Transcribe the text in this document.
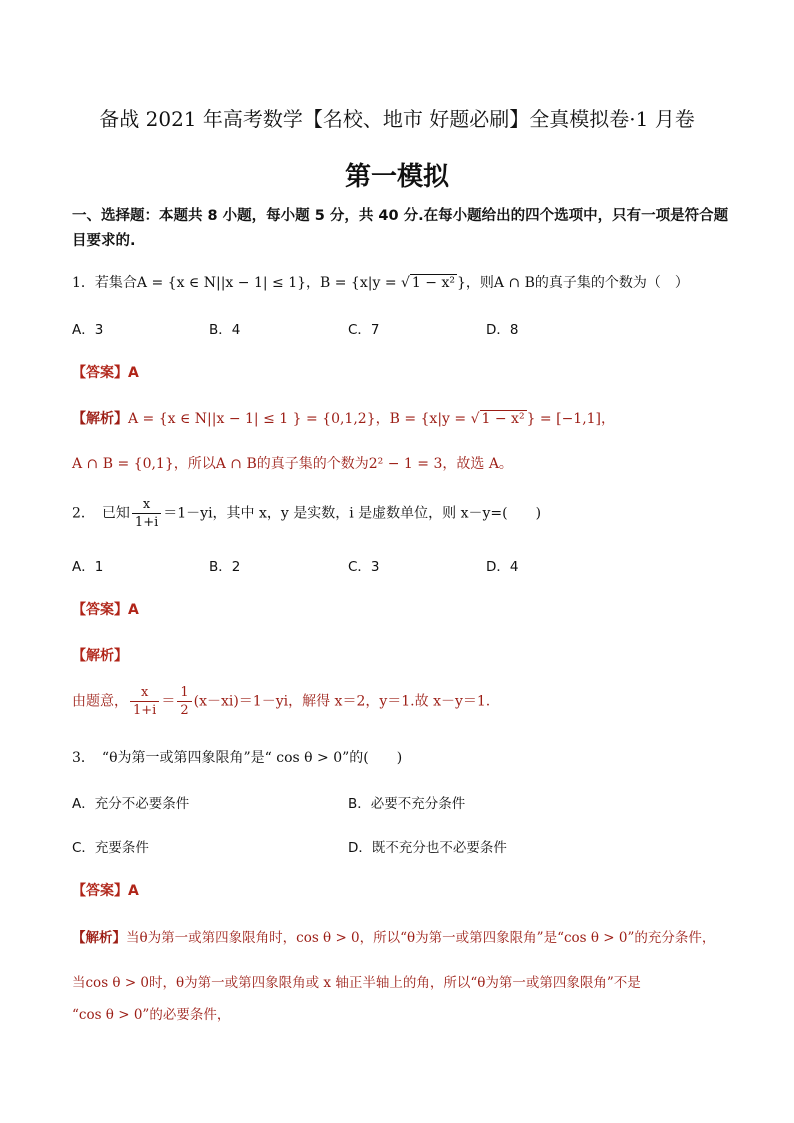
备战 2021 年高考数学【名校、地市 好题必刷】全真模拟卷·1 月卷
第一模拟
一、选择题：本题共 8 小题，每小题 5 分，共 40 分.在每小题给出的四个选项中，只有一项是符合题目要求的.
1．若集合A = {x ∈ N||x − 1| ≤ 1}，B = {x|y = √ 1 − x² }，则A ∩ B的真子集的个数为（　）
A．3	B．4	C．7	D．8
【答案】A
【解析】A = {x ∈ N||x − 1| ≤ 1 } = {0,1,2}，B = {x|y = √ 1 − x² } = [−1,1]，
A ∩ B = {0,1}，所以A ∩ B的真子集的个数为2² − 1 = 3，故选 A。
2．　已知 $\frac{x}{1+i} =1-yi$，其中 x，y 是实数，i 是虚数单位，则 x－y=(　　)
A．1	B．2	C．3	D．4
【答案】A
【解析】
由题意， $\frac{x}{1+i} = \frac{1}{2} (x-xi)=1-yi$，解得 x＝2，y＝1.故 x－y＝1.
3．　“θ为第一或第四象限角”是“ cos θ > 0”的(　　)
A．充分不必要条件	B．必要不充分条件
C．充要条件	D．既不充分也不必要条件
【答案】A
【解析】当θ为第一或第四象限角时，cos θ > 0，所以“θ为第一或第四象限角”是“cos θ > 0”的充分条件，
当cos θ > 0时，θ为第一或第四象限角或 x 轴正半轴上的角，所以“θ为第一或第四象限角”不是
“cos θ > 0”的必要条件，
